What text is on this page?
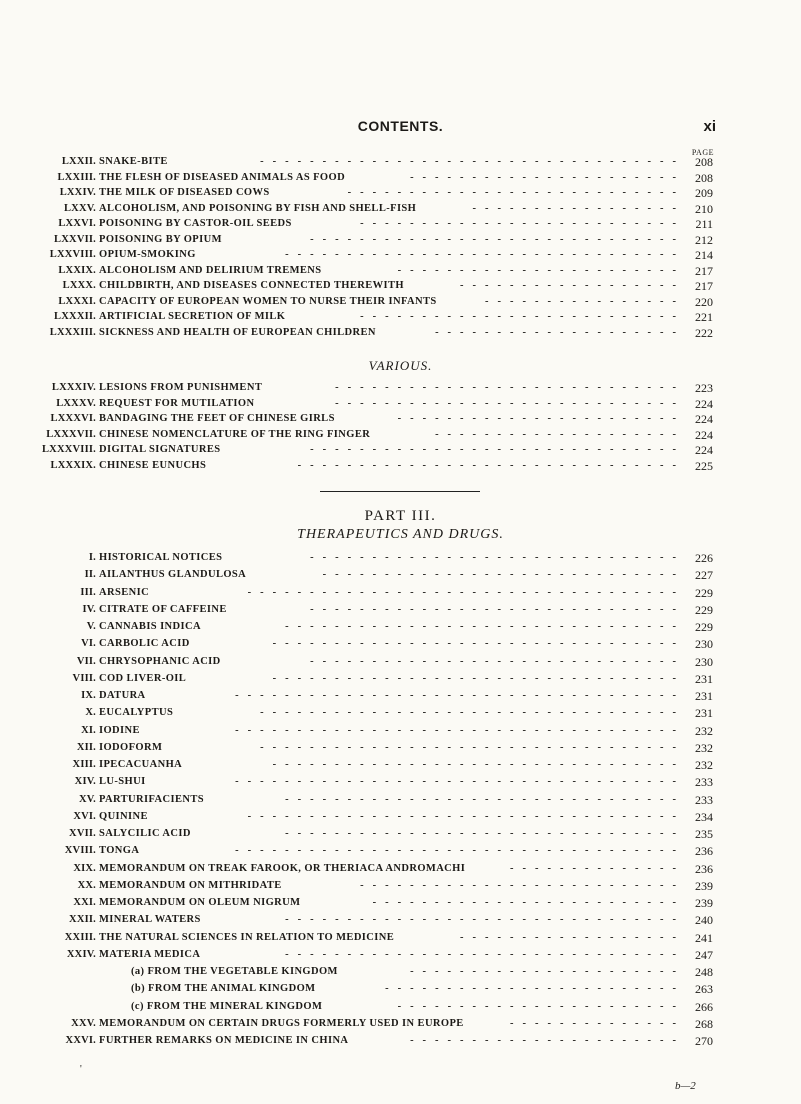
CONTENTS.	xi
PAGE
LXXII. SNAKE-BITE	208
----------------------------------
LXXIII. THE FLESH OF DISEASED ANIMALS AS FOOD	208
----------------------
LXXIV. THE MILK OF DISEASED COWS	209
---------------------------
LXXV. ALCOHOLISM, AND POISONING BY FISH AND SHELL-FISH	210
-----------------
LXXVI. POISONING BY CASTOR-OIL SEEDS	211
--------------------------
LXXVII. POISONING BY OPIUM	212
------------------------------
LXXVIII. OPIUM-SMOKING	214
--------------------------------
LXXIX. ALCOHOLISM AND DELIRIUM TREMENS	217
-----------------------
LXXX. CHILDBIRTH, AND DISEASES CONNECTED THEREWITH	217
------------------
LXXXI. CAPACITY OF EUROPEAN WOMEN TO NURSE THEIR INFANTS	220
----------------
LXXXII. ARTIFICIAL SECRETION OF MILK	221
--------------------------
LXXXIII. SICKNESS AND HEALTH OF EUROPEAN CHILDREN	222
--------------------
VARIOUS.
LXXXIV. LESIONS FROM PUNISHMENT	223
----------------------------
LXXXV. REQUEST FOR MUTILATION	224
----------------------------
LXXXVI. BANDAGING THE FEET OF CHINESE GIRLS	224
-----------------------
LXXXVII. CHINESE NOMENCLATURE OF THE RING FINGER	224
--------------------
LXXXVIII. DIGITAL SIGNATURES	224
------------------------------
LXXXIX. CHINESE EUNUCHS	225
-------------------------------
PART III.
THERAPEUTICS AND DRUGS.
I. HISTORICAL NOTICES	226
------------------------------
II. AILANTHUS GLANDULOSA	227
-----------------------------
III. ARSENIC	229
-----------------------------------
IV. CITRATE OF CAFFEINE	229
------------------------------
V. CANNABIS INDICA	229
--------------------------------
VI. CARBOLIC ACID	230
---------------------------------
VII. CHRYSOPHANIC ACID	230
------------------------------
VIII. COD LIVER-OIL	231
---------------------------------
IX. DATURA	231
------------------------------------
X. EUCALYPTUS	231
----------------------------------
XI. IODINE	232
------------------------------------
XII. IODOFORM	232
----------------------------------
XIII. IPECACUANHA	232
---------------------------------
XIV. LU-SHUI	233
------------------------------------
XV. PARTURIFACIENTS	233
--------------------------------
XVI. QUININE	234
-----------------------------------
XVII. SALYCILIC ACID	235
--------------------------------
XVIII. TONGA	236
------------------------------------
XIX. MEMORANDUM ON TREAK FAROOK, OR THERIACA ANDROMACHI	236
--------------
XX. MEMORANDUM ON MITHRIDATE	239
--------------------------
XXI. MEMORANDUM ON OLEUM NIGRUM	239
-------------------------
XXII. MINERAL WATERS	240
--------------------------------
XXIII. THE NATURAL SCIENCES IN RELATION TO MEDICINE	241
------------------
XXIV. MATERIA MEDICA	247
--------------------------------
(a) FROM THE VEGETABLE KINGDOM	248
----------------------
(b) FROM THE ANIMAL KINGDOM	263
------------------------
(c) FROM THE MINERAL KINGDOM	266
-----------------------
XXV. MEMORANDUM ON CERTAIN DRUGS FORMERLY USED IN EUROPE	268
--------------
XXVI. FURTHER REMARKS ON MEDICINE IN CHINA	270
----------------------
'
b—2
